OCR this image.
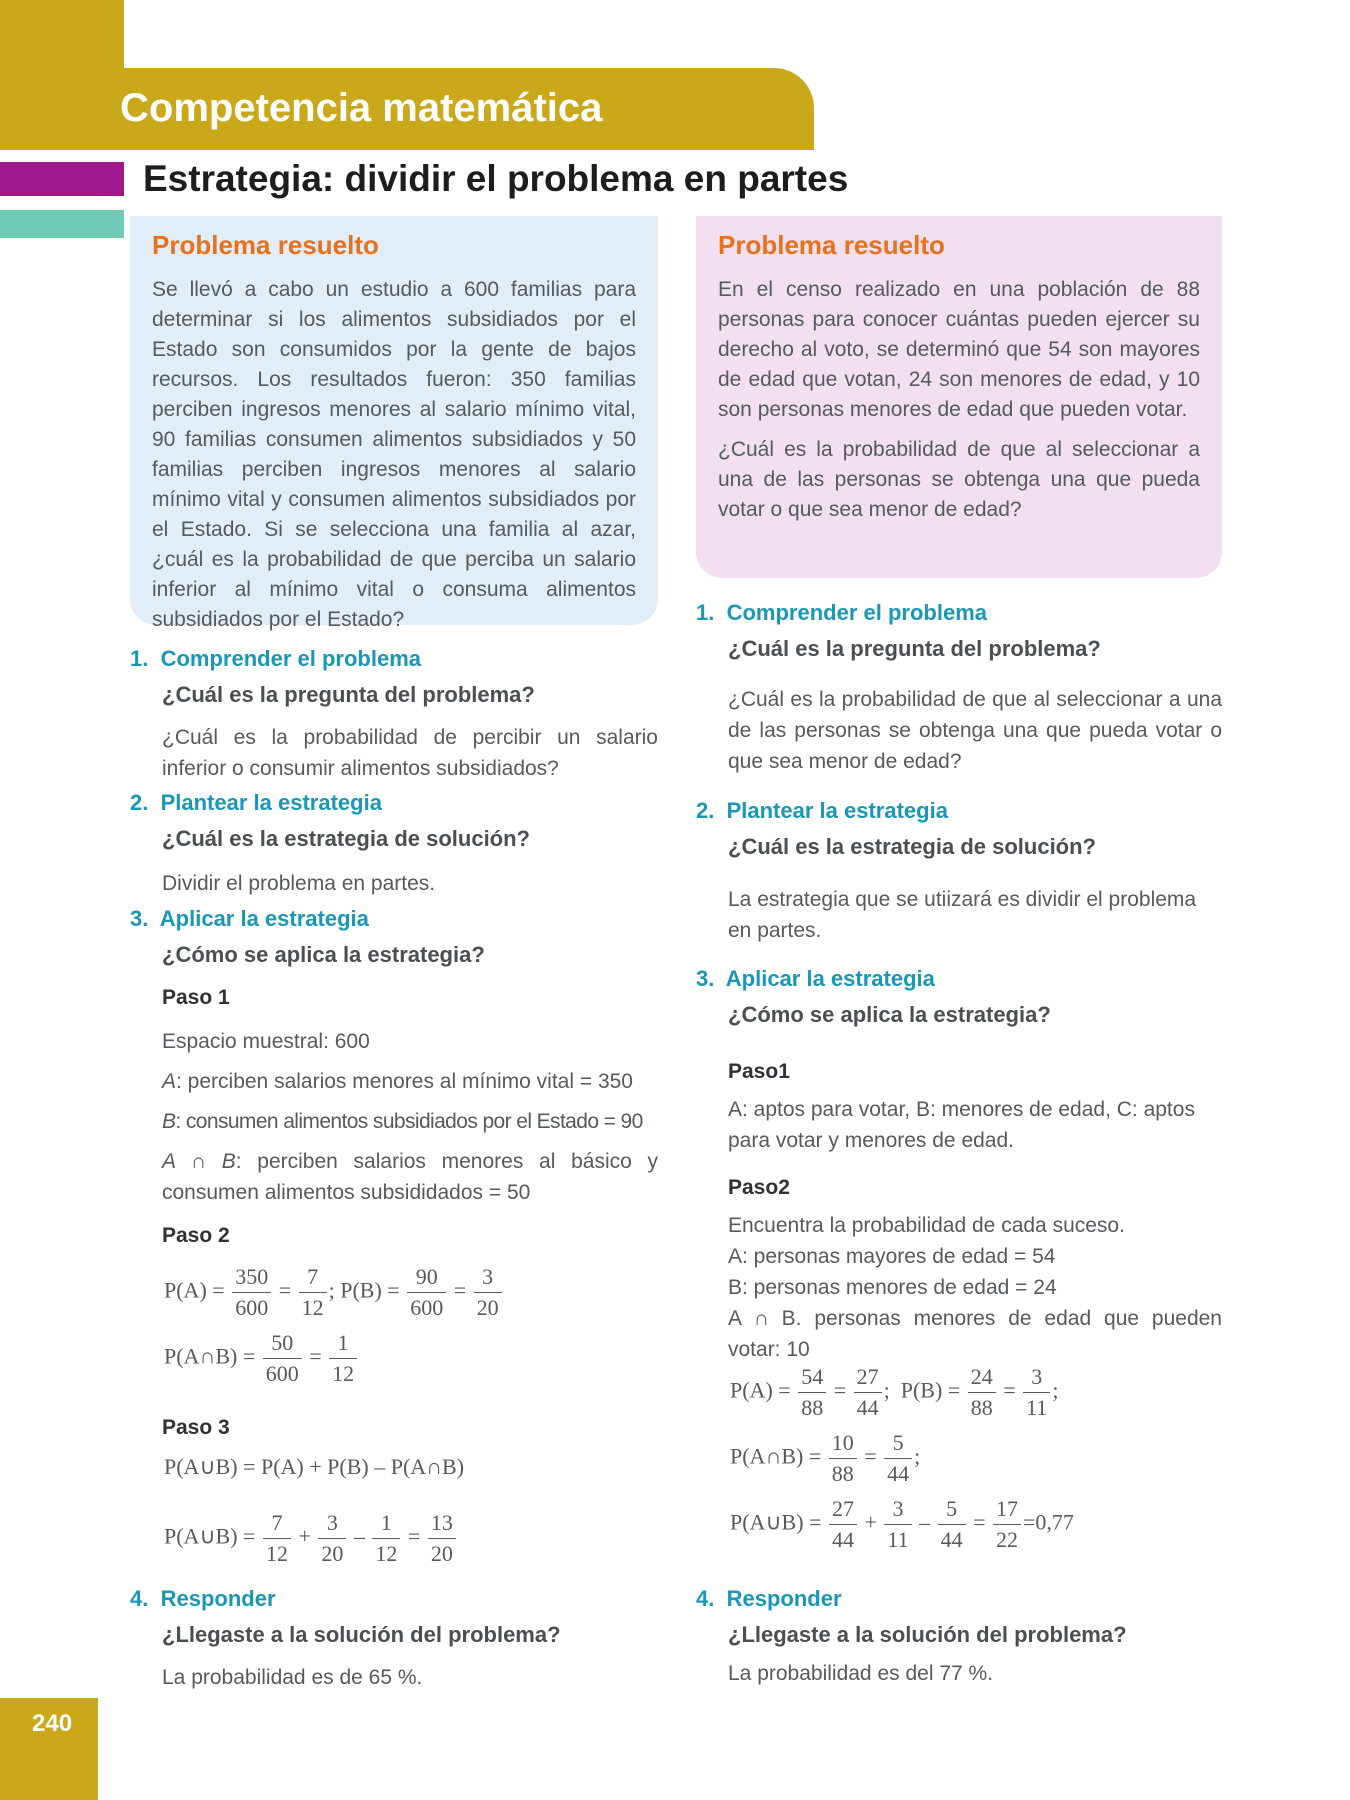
Competencia matemática
Estrategia: dividir el problema en partes
Problema resuelto

Se llevó a cabo un estudio a 600 familias para determinar si los alimentos subsidiados por el Estado son consumidos por la gente de bajos recursos. Los resultados fueron: 350 familias perciben ingresos menores al salario mínimo vital, 90 familias consumen alimentos subsidiados y 50 familias perciben ingresos menores al salario mínimo vital y consumen alimentos subsidiados por el Estado. Si se selecciona una familia al azar, ¿cuál es la probabilidad de que perciba un salario inferior al mínimo vital o consuma alimentos subsidiados por el Estado?

Problema resuelto

En el censo realizado en una población de 88 personas para conocer cuántas pueden ejercer su derecho al voto, se determinó que 54 son mayores de edad que votan, 24 son menores de edad, y 10 son personas menores de edad que pueden votar.

¿Cuál es la probabilidad de que al seleccionar a una de las personas se obtenga una que pueda votar o que sea menor de edad?

1. Comprender el problema
¿Cuál es la pregunta del problema?
¿Cuál es la probabilidad de percibir un salario inferior o consumir alimentos subsidiados?
2. Plantear la estrategia
¿Cuál es la estrategia de solución?
Dividir el problema en partes.
3. Aplicar la estrategia
¿Cómo se aplica la estrategia?
Paso 1
Espacio muestral: 600
A: perciben salarios menores al mínimo vital = 350
B: consumen alimentos subsidiados por el Estado = 90
A ∩ B: perciben salarios menores al básico y consumen alimentos subsididados = 50
Paso 2
$P(A) = \frac{350}{600} = \frac{7}{12}$ ; $P(B) = \frac{90}{600} = \frac{3}{20}$
P(A∩B) = $\frac{50}{600} = \frac{1}{12}$
Paso 3
P(A∪B) = P(A) + P(B) – P(A∩B)
P(A∪B) = $\frac{7}{12} + \frac{3}{20} - \frac{1}{12} = \frac{13}{20}$
4. Responder
¿Llegaste a la solución del problema?
La probabilidad es de 65 %.
1. Comprender el problema
¿Cuál es la pregunta del problema?
¿Cuál es la probabilidad de que al seleccionar a una de las personas se obtenga una que pueda votar o que sea menor de edad?
2. Plantear la estrategia
¿Cuál es la estrategia de solución?
La estrategia que se utiizará es dividir el problema en partes.
3. Aplicar la estrategia
¿Cómo se aplica la estrategia?
Paso1
A: aptos para votar, B: menores de edad, C: aptos para votar y menores de edad.
Paso2
Encuentra la probabilidad de cada suceso.
A: personas mayores de edad = 54
B: personas menores de edad = 24
A ∩ B. personas menores de edad que pueden votar: 10
$P(A) = \frac{54}{88} = \frac{27}{44}$ ; $P(B) = \frac{24}{88} = \frac{3}{11}$ ;
P(A∩B) = $\frac{10}{88} = \frac{5}{44}$ ;
P(A∪B) = $\frac{27}{44} + \frac{3}{11} - \frac{5}{44} = \frac{17}{22} =0,77$
4. Responder
¿Llegaste a la solución del problema?
La probabilidad es del 77 %.
240
